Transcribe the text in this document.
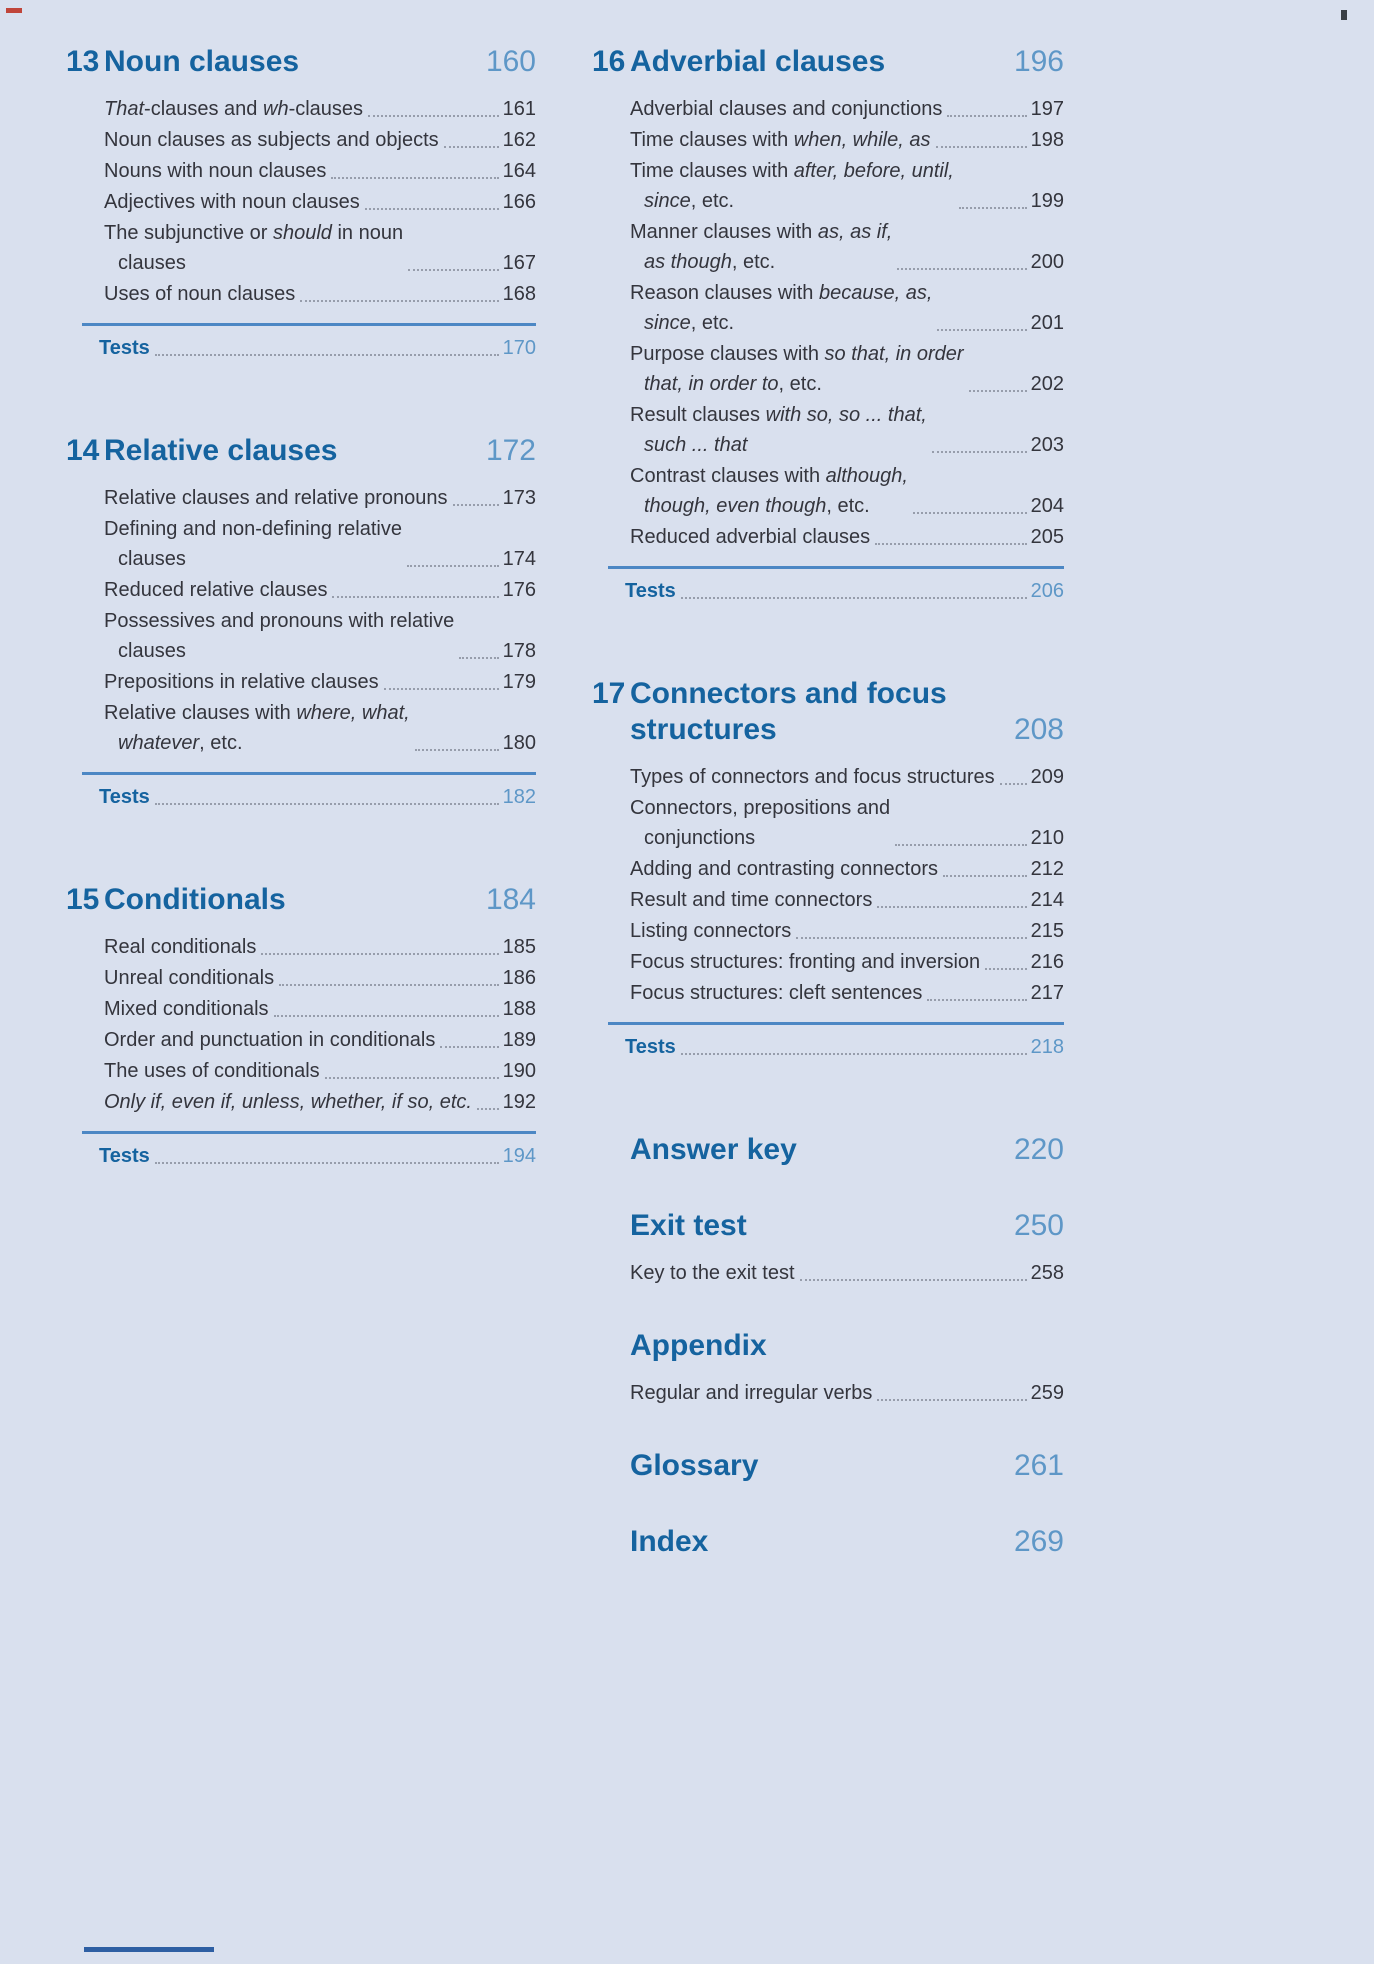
13 Noun clauses	160
That-clauses and wh-clauses	161
Noun clauses as subjects and objects	162
Nouns with noun clauses	164
Adjectives with noun clauses	166
The subjunctive or should in noun
clauses	167
Uses of noun clauses	168
Tests	170
14 Relative clauses	172
Relative clauses and relative pronouns	173
Defining and non-defining relative
clauses	174
Reduced relative clauses	176
Possessives and pronouns with relative
clauses	178
Prepositions in relative clauses	179
Relative clauses with where, what,
whatever, etc.	180
Tests	182
15 Conditionals	184
Real conditionals	185
Unreal conditionals	186
Mixed conditionals	188
Order and punctuation in conditionals	189
The uses of conditionals	190
Only if, even if, unless, whether, if so, etc. 192
Tests	194
16 Adverbial clauses	196
Adverbial clauses and conjunctions	197
Time clauses with when, while, as	198
Time clauses with after, before, until,
since, etc.	199
Manner clauses with as, as if,
as though, etc.	200
Reason clauses with because, as,
since, etc.	201
Purpose clauses with so that, in order
that, in order to, etc.	202
Result clauses with so, so ... that,
such ... that	203
Contrast clauses with although,
though, even though, etc.	204
Reduced adverbial clauses	205
Tests	206
17 Connectors and focus structures	208
Types of connectors and focus structures 209
Connectors, prepositions and
conjunctions	210
Adding and contrasting connectors	212
Result and time connectors	214
Listing connectors	215
Focus structures: fronting and inversion	216
Focus structures: cleft sentences	217
Tests	218
Answer key	220
Exit test	250
Key to the exit test	258
Appendix
Regular and irregular verbs	259
Glossary	261
Index	269
